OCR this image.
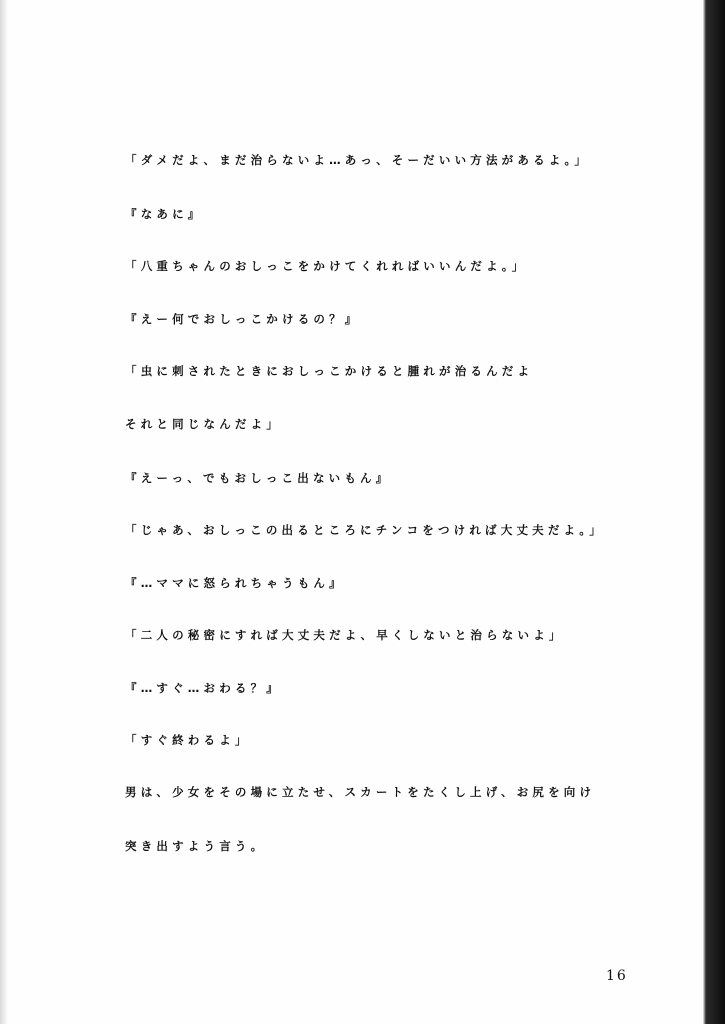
「ダメだよ、まだ治らないよ…あっ、そーだいい方法があるよ。」
『なあに』
「八重ちゃんのおしっこをかけてくれればいいんだよ。」
『えー何でおしっこかけるの？』
「虫に刺されたときにおしっこかけると腫れが治るんだよ
それと同じなんだよ」
『えーっ、でもおしっこ出ないもん』
「じゃあ、おしっこの出るところにチンコをつければ大丈夫だよ。」
『…ママに怒られちゃうもん』
「二人の秘密にすれば大丈夫だよ、早くしないと治らないよ」
『…すぐ…おわる？』
「すぐ終わるよ」
男は、少女をその場に立たせ、スカートをたくし上げ、お尻を向け
突き出すよう言う。
16
